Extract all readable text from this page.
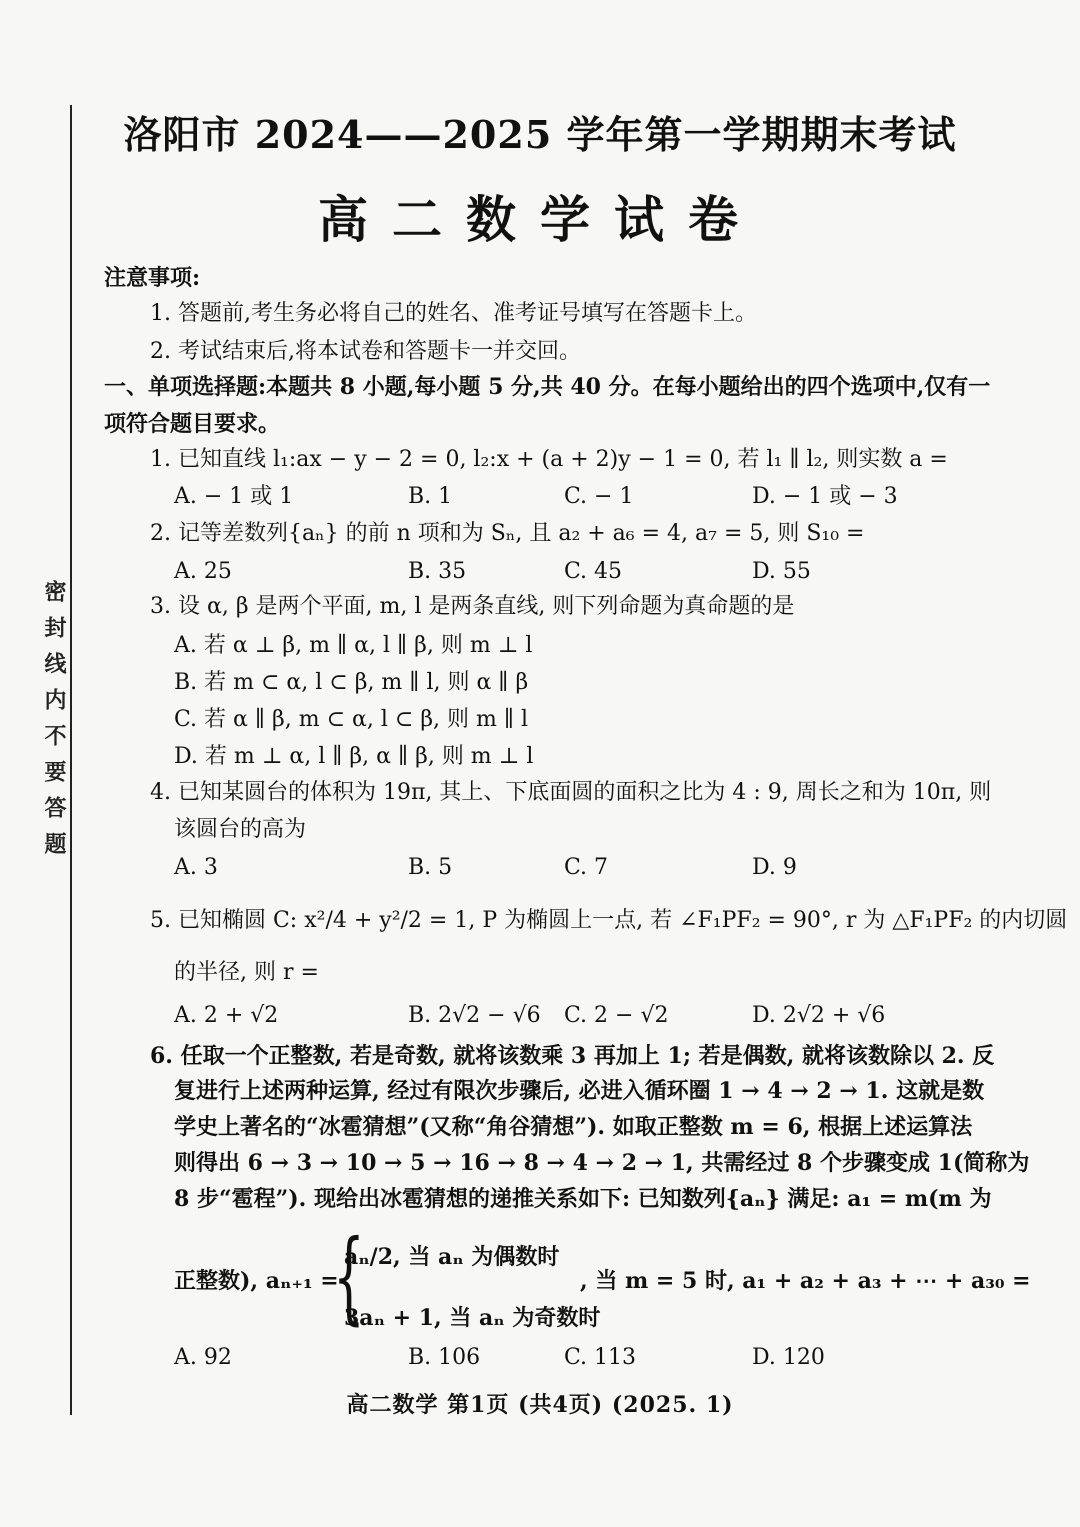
密封线内不要答题
洛阳市 2024——2025 学年第一学期期末考试
高二数学试卷
注意事项:
1. 答题前,考生务必将自己的姓名、准考证号填写在答题卡上。
2. 考试结束后,将本试卷和答题卡一并交回。
一、单项选择题:本题共 8 小题,每小题 5 分,共 40 分。在每小题给出的四个选项中,仅有一
项符合题目要求。
1. 已知直线 l₁:ax − y − 2 = 0, l₂:x + (a + 2)y − 1 = 0, 若 l₁ ∥ l₂, 则实数 a =
A. − 1 或 1	B. 1	C. − 1	D. − 1 或 − 3
2. 记等差数列{aₙ} 的前 n 项和为 Sₙ, 且 a₂ + a₆ = 4, a₇ = 5, 则 S₁₀ =
A. 25	B. 35	C. 45	D. 55
3. 设 α, β 是两个平面, m, l 是两条直线, 则下列命题为真命题的是
A. 若 α ⊥ β, m ∥ α, l ∥ β, 则 m ⊥ l
B. 若 m ⊂ α, l ⊂ β, m ∥ l, 则 α ∥ β
C. 若 α ∥ β, m ⊂ α, l ⊂ β, 则 m ∥ l
D. 若 m ⊥ α, l ∥ β, α ∥ β, 则 m ⊥ l
4. 已知某圆台的体积为 19π, 其上、下底面圆的面积之比为 4 : 9, 周长之和为 10π, 则
该圆台的高为
A. 3	B. 5	C. 7	D. 9
5. 已知椭圆 C: x²/4 + y²/2 = 1, P 为椭圆上一点, 若 ∠F₁PF₂ = 90°, r 为 △F₁PF₂ 的内切圆
的半径, 则 r =
A. 2 + √2	B. 2√2 − √6 C. 2 − √2	D. 2√2 + √6
6. 任取一个正整数, 若是奇数, 就将该数乘 3 再加上 1; 若是偶数, 就将该数除以 2. 反
复进行上述两种运算, 经过有限次步骤后, 必进入循环圈 1 → 4 → 2 → 1. 这就是数
学史上著名的“冰雹猜想”(又称“角谷猜想”). 如取正整数 m = 6, 根据上述运算法
则得出 6 → 3 → 10 → 5 → 16 → 8 → 4 → 2 → 1, 共需经过 8 个步骤变成 1(简称为
8 步“雹程”). 现给出冰雹猜想的递推关系如下: 已知数列{aₙ} 满足: a₁ = m(m 为
正整数), aₙ₊₁ =
{
aₙ/2, 当 aₙ 为偶数时
3aₙ + 1, 当 aₙ 为奇数时
, 当 m = 5 时, a₁ + a₂ + a₃ + ⋯ + a₃₀ =
A. 92	B. 106	C. 113	D. 120
高二数学 第1页 (共4页) (2025. 1)
